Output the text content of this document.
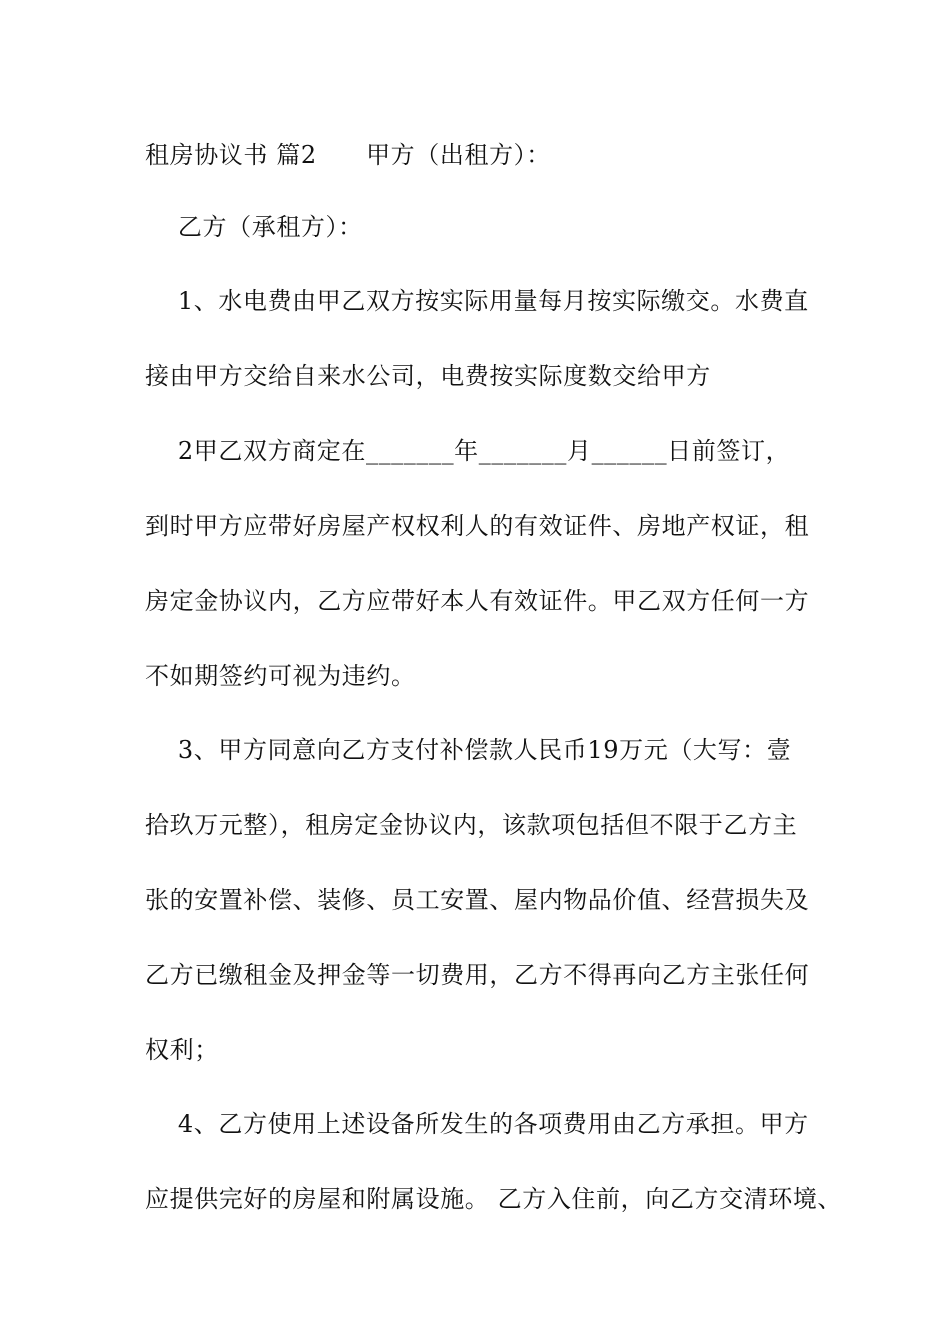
租房协议书 篇2      甲方（出租方）：
乙方（承租方）：
1、水电费由甲乙双方按实际用量每月按实际缴交。水费直
接由甲方交给自来水公司，电费按实际度数交给甲方
2甲乙双方商定在_______年_______月______日前签订，
到时甲方应带好房屋产权权利人的有效证件、房地产权证，租
房定金协议内，乙方应带好本人有效证件。甲乙双方任何一方
不如期签约可视为违约。
3、甲方同意向乙方支付补偿款人民币19万元（大写：壹
拾玖万元整），租房定金协议内，该款项包括但不限于乙方主
张的安置补偿、装修、员工安置、屋内物品价值、经营损失及
乙方已缴租金及押金等一切费用，乙方不得再向乙方主张任何
权利；
4、乙方使用上述设备所发生的各项费用由乙方承担。甲方
应提供完好的房屋和附属设施。 乙方入住前，向乙方交清环境、
